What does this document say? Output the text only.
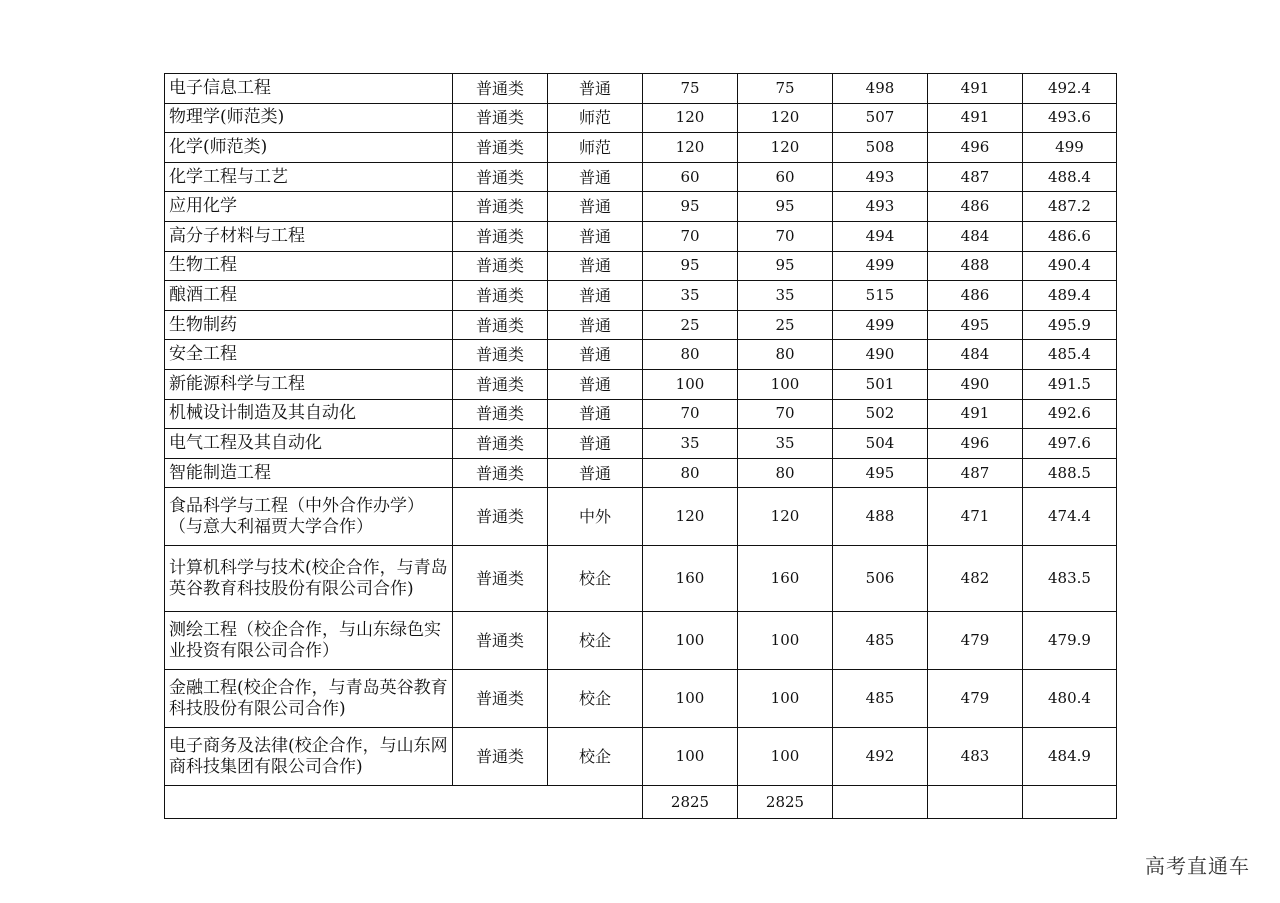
电子信息工程	普通类	普通	75	75	498	491	492.4
物理学(师范类)	普通类	师范	120	120	507	491	493.6
化学(师范类)	普通类	师范	120	120	508	496	499
化学工程与工艺	普通类	普通	60	60	493	487	488.4
应用化学	普通类	普通	95	95	493	486	487.2
高分子材料与工程	普通类	普通	70	70	494	484	486.6
生物工程	普通类	普通	95	95	499	488	490.4
酿酒工程	普通类	普通	35	35	515	486	489.4
生物制药	普通类	普通	25	25	499	495	495.9
安全工程	普通类	普通	80	80	490	484	485.4
新能源科学与工程	普通类	普通	100	100	501	490	491.5
机械设计制造及其自动化	普通类	普通	70	70	502	491	492.6
电气工程及其自动化	普通类	普通	35	35	504	496	497.6
智能制造工程	普通类	普通	80	80	495	487	488.5
食品科学与工程（中外合作办学）（与意大利福贾大学合作）	普通类	中外	120	120	488	471	474.4
计算机科学与技术(校企合作，与青岛英谷教育科技股份有限公司合作)	普通类	校企	160	160	506	482	483.5
测绘工程（校企合作，与山东绿色实业投资有限公司合作）	普通类	校企	100	100	485	479	479.9
金融工程(校企合作，与青岛英谷教育科技股份有限公司合作)	普通类	校企	100	100	485	479	480.4
电子商务及法律(校企合作，与山东网商科技集团有限公司合作)	普通类	校企	100	100	492	483	484.9
			2825	2825			
高考直通车
